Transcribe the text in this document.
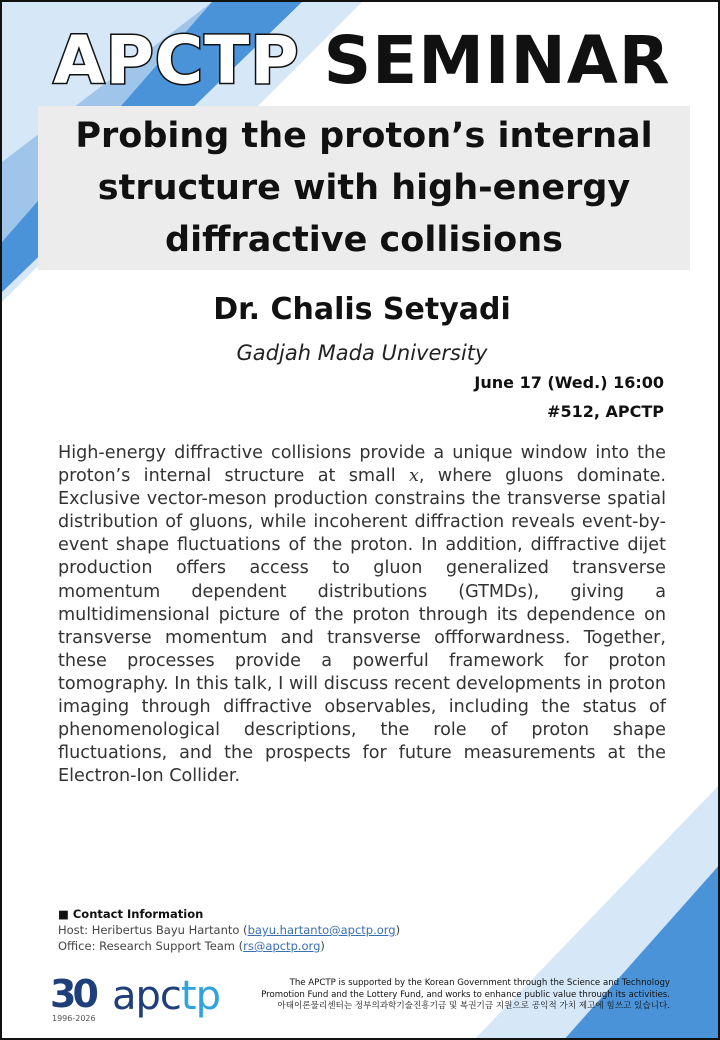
APCTP SEMINAR
Probing the proton’s internal structure with high-energy diffractive collisions
Dr. Chalis Setyadi
Gadjah Mada University
June 17 (Wed.) 16:00
#512, APCTP

High-energy diffractive collisions provide a unique window into the proton’s internal structure at small x, where gluons dominate. Exclusive vector-meson production constrains the transverse spatial distribution of gluons, while incoherent diffraction reveals event-by-event shape fluctuations of the proton. In addition, diffractive dijet production offers access to gluon generalized transverse momentum dependent distributions (GTMDs), giving a multidimensional picture of the proton through its dependence on transverse momentum and transverse offforwardness. Together, these processes provide a powerful framework for proton tomography. In this talk, I will discuss recent developments in proton imaging through diffractive observables, including the status of phenomenological descriptions, the role of proton shape fluctuations, and the prospects for future measurements at the Electron-Ion Collider.

■ Contact Information
Host: Heribertus Bayu Hartanto (bayu.hartanto@apctp.org)
Office: Research Support Team (rs@apctp.org)
30
1996-2026 apctp	The APCTP is supported by the Korean Government through the Science and Technology Promotion Fund and the Lottery Fund, and works to enhance public value through its activities.
아태이론물리센터는 정부의과학기술진흥기금 및 복권기금 지원으로 공익적 가치 제고에 힘쓰고 있습니다.
